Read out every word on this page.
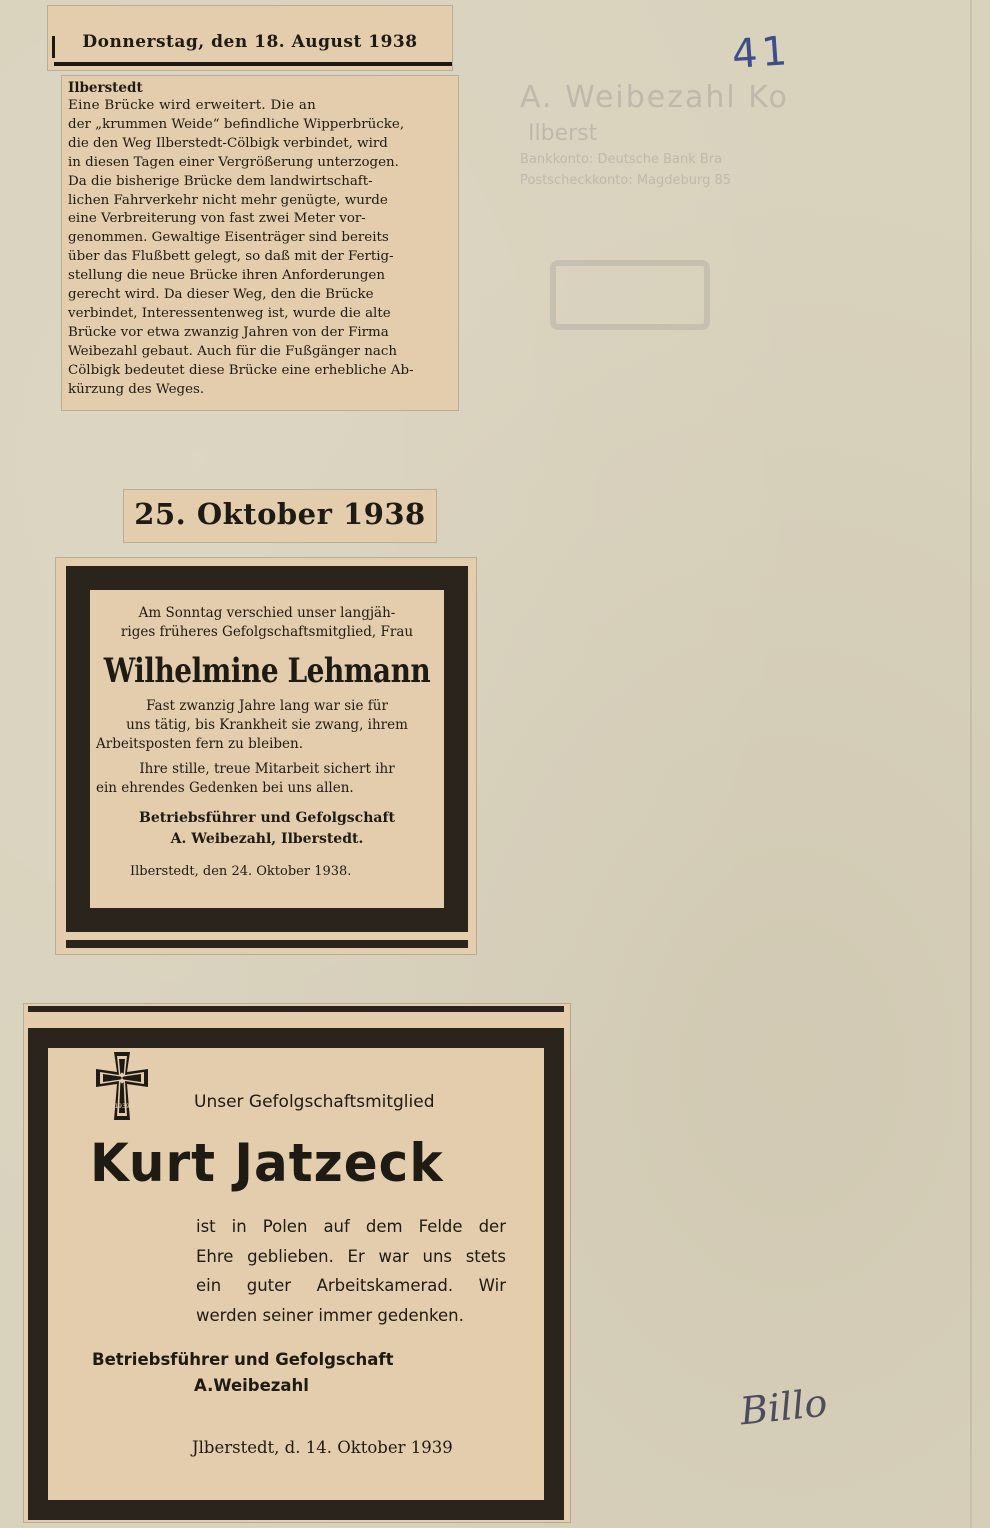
A. Weibezahl Ko
Ilberst
Bankkonto: Deutsche Bank Bra
Postscheckkonto: Magdeburg 85
41
Donnerstag, den 18. August 1938
Ilberstedt
Eine Brücke wird erweitert. Die an
der „krummen Weide“ befindliche Wipperbrücke,
die den Weg Ilberstedt-Cölbigk verbindet, wird
in diesen Tagen einer Vergrößerung unterzogen.
Da die bisherige Brücke dem landwirtschaft-
lichen Fahrverkehr nicht mehr genügte, wurde
eine Verbreiterung von fast zwei Meter vor-
genommen. Gewaltige Eisenträger sind bereits
über das Flußbett gelegt, so daß mit der Fertig-
stellung die neue Brücke ihren Anforderungen
gerecht wird. Da dieser Weg, den die Brücke
verbindet, Interessentenweg ist, wurde die alte
Brücke vor etwa zwanzig Jahren von der Firma
Weibezahl gebaut. Auch für die Fußgänger nach
Cölbigk bedeutet diese Brücke eine erhebliche Ab-
kürzung des Weges.
25. Oktober 1938
Am Sonntag verschied unser langjäh-
riges früheres Gefolgschaftsmitglied, Frau
Wilhelmine Lehmann
Fast zwanzig Jahre lang war sie für
uns tätig, bis Krankheit sie zwang, ihrem
Arbeitsposten fern zu bleiben.
Ihre stille, treue Mitarbeit sichert ihr
ein ehrendes Gedenken bei uns allen.
Betriebsführer und Gefolgschaft
A. Weibezahl, Ilberstedt.
Ilberstedt, den 24. Oktober 1938.
1939	Unser Gefolgschaftsmitglied
Kurt Jatzeck
ist in Polen auf dem Felde der
Ehre geblieben. Er war uns stets
ein guter Arbeitskamerad. Wir
werden seiner immer gedenken.
Betriebsführer und Gefolgschaft
A.Weibezahl
Jlberstedt, d. 14. Oktober 1939
Billo
